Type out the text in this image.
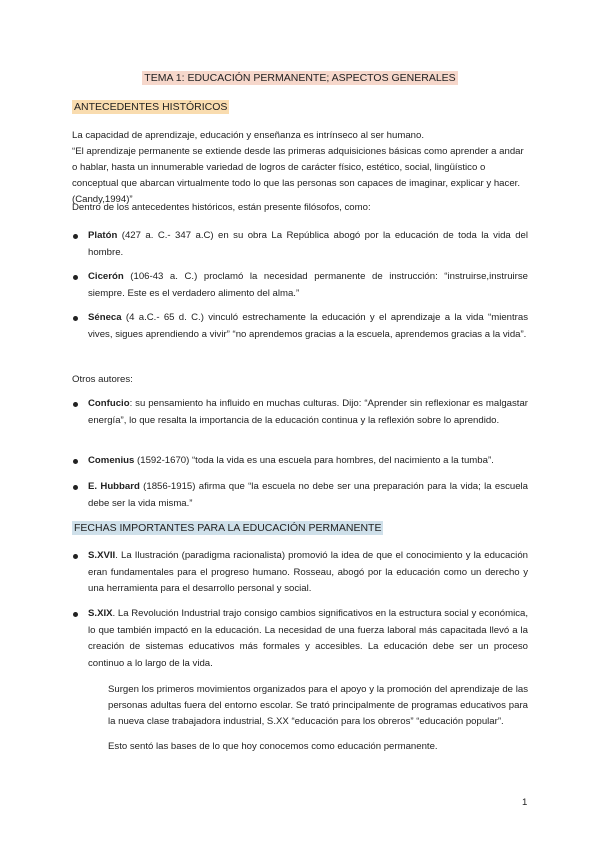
TEMA 1: EDUCACIÓN PERMANENTE; ASPECTOS GENERALES
ANTECEDENTES HISTÓRICOS

La capacidad de aprendizaje, educación y enseñanza es intrínseco al ser humano.

“El aprendizaje permanente se extiende desde las primeras adquisiciones básicas como aprender a andar o hablar, hasta un innumerable variedad de logros de carácter físico, estético, social, lingüístico o conceptual que abarcan virtualmente todo lo que las personas son capaces de imaginar, explicar y hacer.(Candy,1994)”

Dentro de los antecedentes históricos, están presente filósofos, como:

Platón (427 a. C.- 347 a.C) en su obra La República abogó por la educación de toda la vida del hombre.
Cicerón (106-43 a. C.) proclamó la necesidad permanente de instrucción: “instruirse,instruirse siempre. Este es el verdadero alimento del alma.”
Séneca (4 a.C.- 65 d. C.) vinculó estrechamente la educación y el aprendizaje a la vida “mientras vives, sigues aprendiendo a vivir” “no aprendemos gracias a la escuela, aprendemos gracias a la vida”.

Otros autores:

Confucio: su pensamiento ha influido en muchas culturas. Dijo: “Aprender sin reflexionar es malgastar energía”, lo que resalta la importancia de la educación continua y la reflexión sobre lo aprendido.
Comenius (1592-1670) “toda la vida es una escuela para hombres, del nacimiento a la tumba”.
E. Hubbard (1856-1915) afirma que “la escuela no debe ser una preparación para la vida; la escuela debe ser la vida misma.”
FECHAS IMPORTANTES PARA LA EDUCACIÓN PERMANENTE
S.XVII. La Ilustración (paradigma racionalista) promovió la idea de que el conocimiento y la educación eran fundamentales para el progreso humano. Rosseau, abogó por la educación como un derecho y una herramienta para el desarrollo personal y social.
S.XIX. La Revolución Industrial trajo consigo cambios significativos en la estructura social y económica, lo que también impactó en la educación. La necesidad de una fuerza laboral más capacitada llevó a la creación de sistemas educativos más formales y accesibles. La educación debe ser un proceso continuo a lo largo de la vida.

Surgen los primeros movimientos organizados para el apoyo y la promoción del aprendizaje de las personas adultas fuera del entorno escolar. Se trató principalmente de programas educativos para la nueva clase trabajadora industrial, S.XX “educación para los obreros” “educación popular”.

Esto sentó las bases de lo que hoy conocemos como educación permanente.

1
